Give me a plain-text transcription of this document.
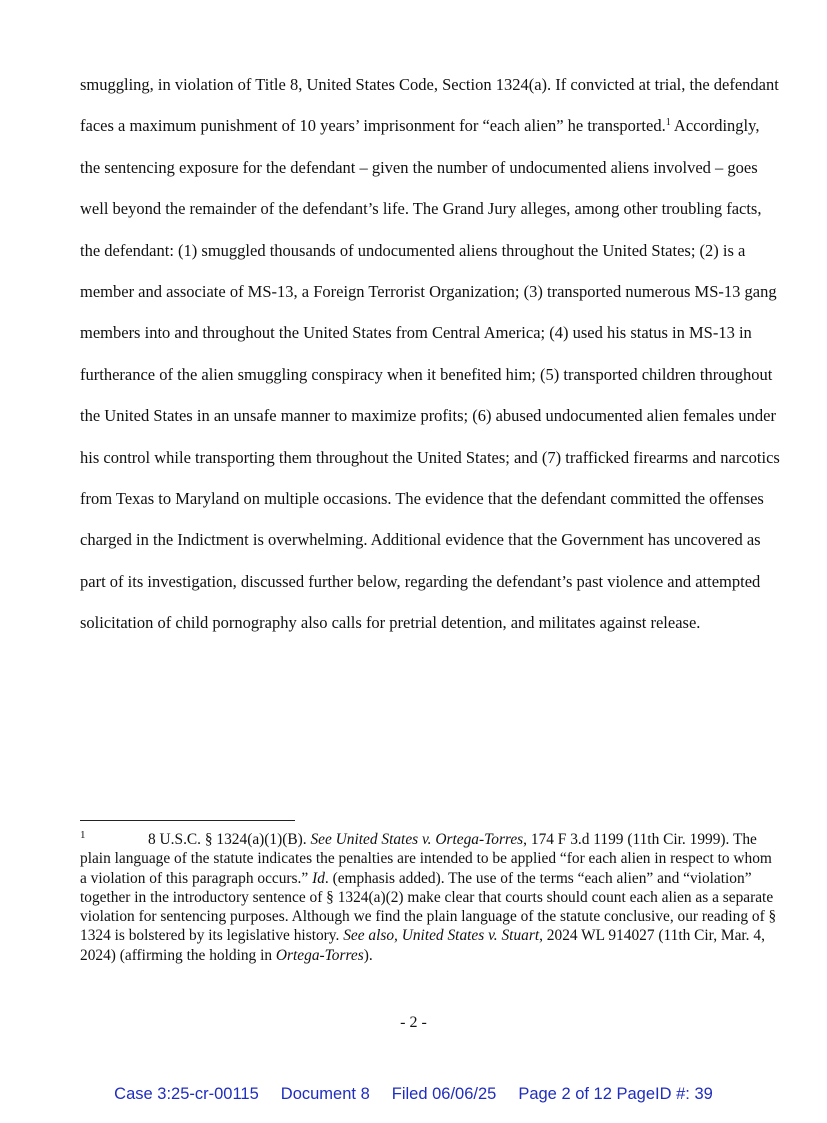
smuggling, in violation of Title 8, United States Code, Section 1324(a). If convicted at trial, the defendant faces a maximum punishment of 10 years’ imprisonment for “each alien” he transported.$^1$ Accordingly, the sentencing exposure for the defendant – given the number of undocumented aliens involved – goes well beyond the remainder of the defendant’s life. The Grand Jury alleges, among other troubling facts, the defendant: (1) smuggled thousands of undocumented aliens throughout the United States; (2) is a member and associate of MS-13, a Foreign Terrorist Organization; (3) transported numerous MS-13 gang members into and throughout the United States from Central America; (4) used his status in MS-13 in furtherance of the alien smuggling conspiracy when it benefited him; (5) transported children throughout the United States in an unsafe manner to maximize profits; (6) abused undocumented alien females under his control while transporting them throughout the United States; and (7) trafficked firearms and narcotics from Texas to Maryland on multiple occasions. The evidence that the defendant committed the offenses charged in the Indictment is overwhelming. Additional evidence that the Government has uncovered as part of its investigation, discussed further below, regarding the defendant’s past violence and attempted solicitation of child pornography also calls for pretrial detention, and militates against release.

1	8 U.S.C. § 1324(a)(1)(B). See United States v. Ortega-Torres, 174 F 3.d 1199 (11th Cir. 1999). The plain language of the statute indicates the penalties are intended to be applied “for each alien in respect to whom a violation of this paragraph occurs.” Id. (emphasis added). The use of the terms “each alien” and “violation” together in the introductory sentence of § 1324(a)(2) make clear that courts should count each alien as a separate violation for sentencing purposes. Although we find the plain language of the statute conclusive, our reading of § 1324 is bolstered by its legislative history. See also, United States v. Stuart, 2024 WL 914027 (11th Cir, Mar. 4, 2024) (affirming the holding in Ortega-Torres).

- 2 -
Case 3:25-cr-00115 Document 8 Filed 06/06/25 Page 2 of 12 PageID #: 39
